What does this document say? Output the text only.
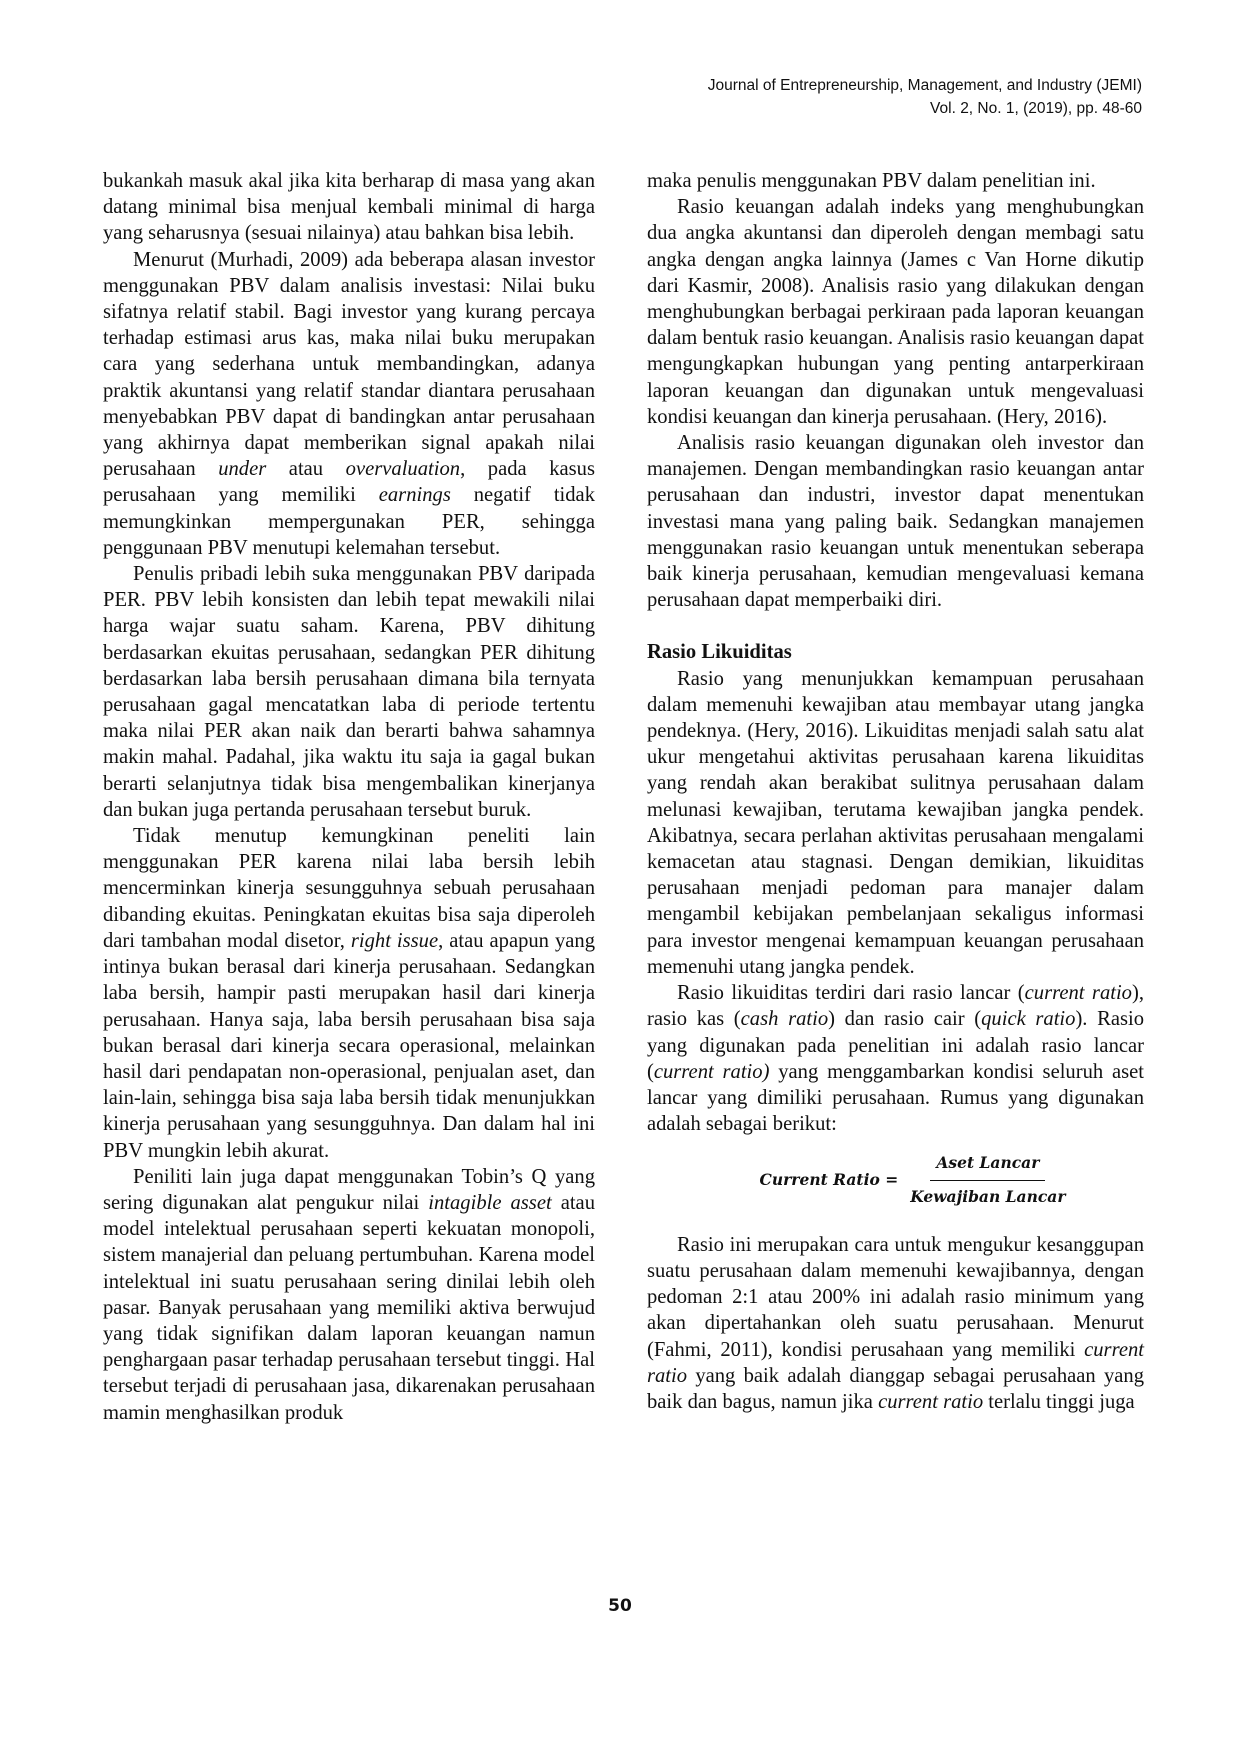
Journal of Entrepreneurship, Management, and Industry (JEMI)
Vol. 2, No. 1, (2019), pp. 48-60

bukankah masuk akal jika kita berharap di masa yang akan datang minimal bisa menjual kembali minimal di harga yang seharusnya (sesuai nilainya) atau bahkan bisa lebih.

Menurut (Murhadi, 2009) ada beberapa alasan investor menggunakan PBV dalam analisis investasi: Nilai buku sifatnya relatif stabil. Bagi investor yang kurang percaya terhadap estimasi arus kas, maka nilai buku merupakan cara yang sederhana untuk membandingkan, adanya praktik akuntansi yang relatif standar diantara perusahaan menyebabkan PBV dapat di bandingkan antar perusahaan yang akhirnya dapat memberikan signal apakah nilai perusahaan under atau overvaluation, pada kasus perusahaan yang memiliki earnings negatif tidak memungkinkan mempergunakan PER, sehingga penggunaan PBV menutupi kelemahan tersebut.

Penulis pribadi lebih suka menggunakan PBV daripada PER. PBV lebih konsisten dan lebih tepat mewakili nilai harga wajar suatu saham. Karena, PBV dihitung berdasarkan ekuitas perusahaan, sedangkan PER dihitung berdasarkan laba bersih perusahaan dimana bila ternyata perusahaan gagal mencatatkan laba di periode tertentu maka nilai PER akan naik dan berarti bahwa sahamnya makin mahal. Padahal, jika waktu itu saja ia gagal bukan berarti selanjutnya tidak bisa mengembalikan kinerjanya dan bukan juga pertanda perusahaan tersebut buruk.

Tidak menutup kemungkinan peneliti lain menggunakan PER karena nilai laba bersih lebih mencerminkan kinerja sesungguhnya sebuah perusahaan dibanding ekuitas. Peningkatan ekuitas bisa saja diperoleh dari tambahan modal disetor, right issue, atau apapun yang intinya bukan berasal dari kinerja perusahaan. Sedangkan laba bersih, hampir pasti merupakan hasil dari kinerja perusahaan. Hanya saja, laba bersih perusahaan bisa saja bukan berasal dari kinerja secara operasional, melainkan hasil dari pendapatan non-operasional, penjualan aset, dan lain-lain, sehingga bisa saja laba bersih tidak menunjukkan kinerja perusahaan yang sesungguhnya. Dan dalam hal ini PBV mungkin lebih akurat.

Peniliti lain juga dapat menggunakan Tobin’s Q yang sering digunakan alat pengukur nilai intagible asset atau model intelektual perusahaan seperti kekuatan monopoli, sistem manajerial dan peluang pertumbuhan. Karena model intelektual ini suatu perusahaan sering dinilai lebih oleh pasar. Banyak perusahaan yang memiliki aktiva berwujud yang tidak signifikan dalam laporan keuangan namun penghargaan pasar terhadap perusahaan tersebut tinggi. Hal tersebut terjadi di perusahaan jasa, dikarenakan perusahaan mamin menghasilkan produk

maka penulis menggunakan PBV dalam penelitian ini.

Rasio keuangan adalah indeks yang menghubungkan dua angka akuntansi dan diperoleh dengan membagi satu angka dengan angka lainnya (James c Van Horne dikutip dari Kasmir, 2008). Analisis rasio yang dilakukan dengan menghubungkan berbagai perkiraan pada laporan keuangan dalam bentuk rasio keuangan. Analisis rasio keuangan dapat mengungkapkan hubungan yang penting antarperkiraan laporan keuangan dan digunakan untuk mengevaluasi kondisi keuangan dan kinerja perusahaan. (Hery, 2016).

Analisis rasio keuangan digunakan oleh investor dan manajemen. Dengan membandingkan rasio keuangan antar perusahaan dan industri, investor dapat menentukan investasi mana yang paling baik. Sedangkan manajemen menggunakan rasio keuangan untuk menentukan seberapa baik kinerja perusahaan, kemudian mengevaluasi kemana perusahaan dapat memperbaiki diri.

Rasio Likuiditas

Rasio yang menunjukkan kemampuan perusahaan dalam memenuhi kewajiban atau membayar utang jangka pendeknya. (Hery, 2016). Likuiditas menjadi salah satu alat ukur mengetahui aktivitas perusahaan karena likuiditas yang rendah akan berakibat sulitnya perusahaan dalam melunasi kewajiban, terutama kewajiban jangka pendek. Akibatnya, secara perlahan aktivitas perusahaan mengalami kemacetan atau stagnasi. Dengan demikian, likuiditas perusahaan menjadi pedoman para manajer dalam mengambil kebijakan pembelanjaan sekaligus informasi para investor mengenai kemampuan keuangan perusahaan memenuhi utang jangka pendek.

Rasio likuiditas terdiri dari rasio lancar (current ratio), rasio kas (cash ratio) dan rasio cair (quick ratio). Rasio yang digunakan pada penelitian ini adalah rasio lancar (current ratio) yang menggambarkan kondisi seluruh aset lancar yang dimiliki perusahaan. Rumus yang digunakan adalah sebagai berikut:

Current Ratio = $\frac{\text{Aset Lancar}}{\text{Kewajiban Lancar}}$

Rasio ini merupakan cara untuk mengukur kesanggupan suatu perusahaan dalam memenuhi kewajibannya, dengan pedoman 2:1 atau 200% ini adalah rasio minimum yang akan dipertahankan oleh suatu perusahaan. Menurut (Fahmi, 2011), kondisi perusahaan yang memiliki current ratio yang baik adalah dianggap sebagai perusahaan yang baik dan bagus, namun jika current ratio terlalu tinggi juga

50
